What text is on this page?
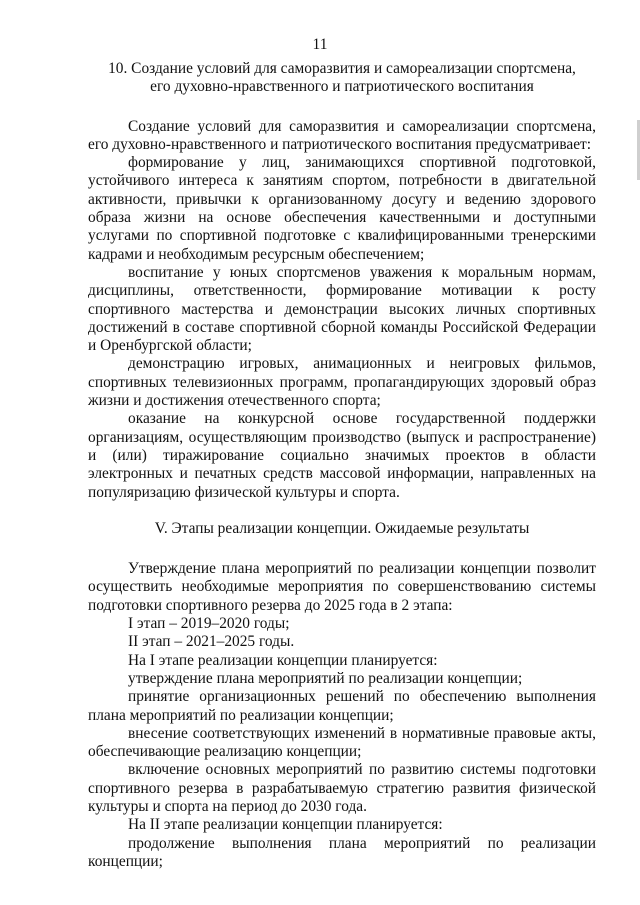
11
10. Создание условий для саморазвития и самореализации спортсмена,
его духовно-нравственного и патриотического воспитания

Создание условий для саморазвития и самореализации спортсмена, его духовно-нравственного и патриотического воспитания предусматривает:

формирование у лиц, занимающихся спортивной подготовкой, устойчивого интереса к занятиям спортом, потребности в двигательной активности, привычки к организованному досугу и ведению здорового образа жизни на основе обеспечения качественными и доступными услугами по спортивной подготовке с квалифицированными тренерскими кадрами и необходимым ресурсным обеспечением;

воспитание у юных спортсменов уважения к моральным нормам, дисциплины, ответственности, формирование мотивации к росту спортивного мастерства и демонстрации высоких личных спортивных достижений в составе спортивной сборной команды Российской Федерации и Оренбургской области;

демонстрацию игровых, анимационных и неигровых фильмов, спортивных телевизионных программ, пропагандирующих здоровый образ жизни и достижения отечественного спорта;

оказание на конкурсной основе государственной поддержки организациям, осуществляющим производство (выпуск и распространение) и (или) тиражирование социально значимых проектов в области электронных и печатных средств массовой информации, направленных на популяризацию физической культуры и спорта.

V. Этапы реализации концепции. Ожидаемые результаты

Утверждение плана мероприятий по реализации концепции позволит осуществить необходимые мероприятия по совершенствованию системы подготовки спортивного резерва до 2025 года в 2 этапа:

I этап – 2019–2020 годы;

II этап – 2021–2025 годы.

На I этапе реализации концепции планируется:

утверждение плана мероприятий по реализации концепции;

принятие организационных решений по обеспечению выполнения плана мероприятий по реализации концепции;

внесение соответствующих изменений в нормативные правовые акты, обеспечивающие реализацию концепции;

включение основных мероприятий по развитию системы подготовки спортивного резерва в разрабатываемую стратегию развития физической культуры и спорта на период до 2030 года.

На II этапе реализации концепции планируется:

продолжение выполнения плана мероприятий по реализации концепции;
